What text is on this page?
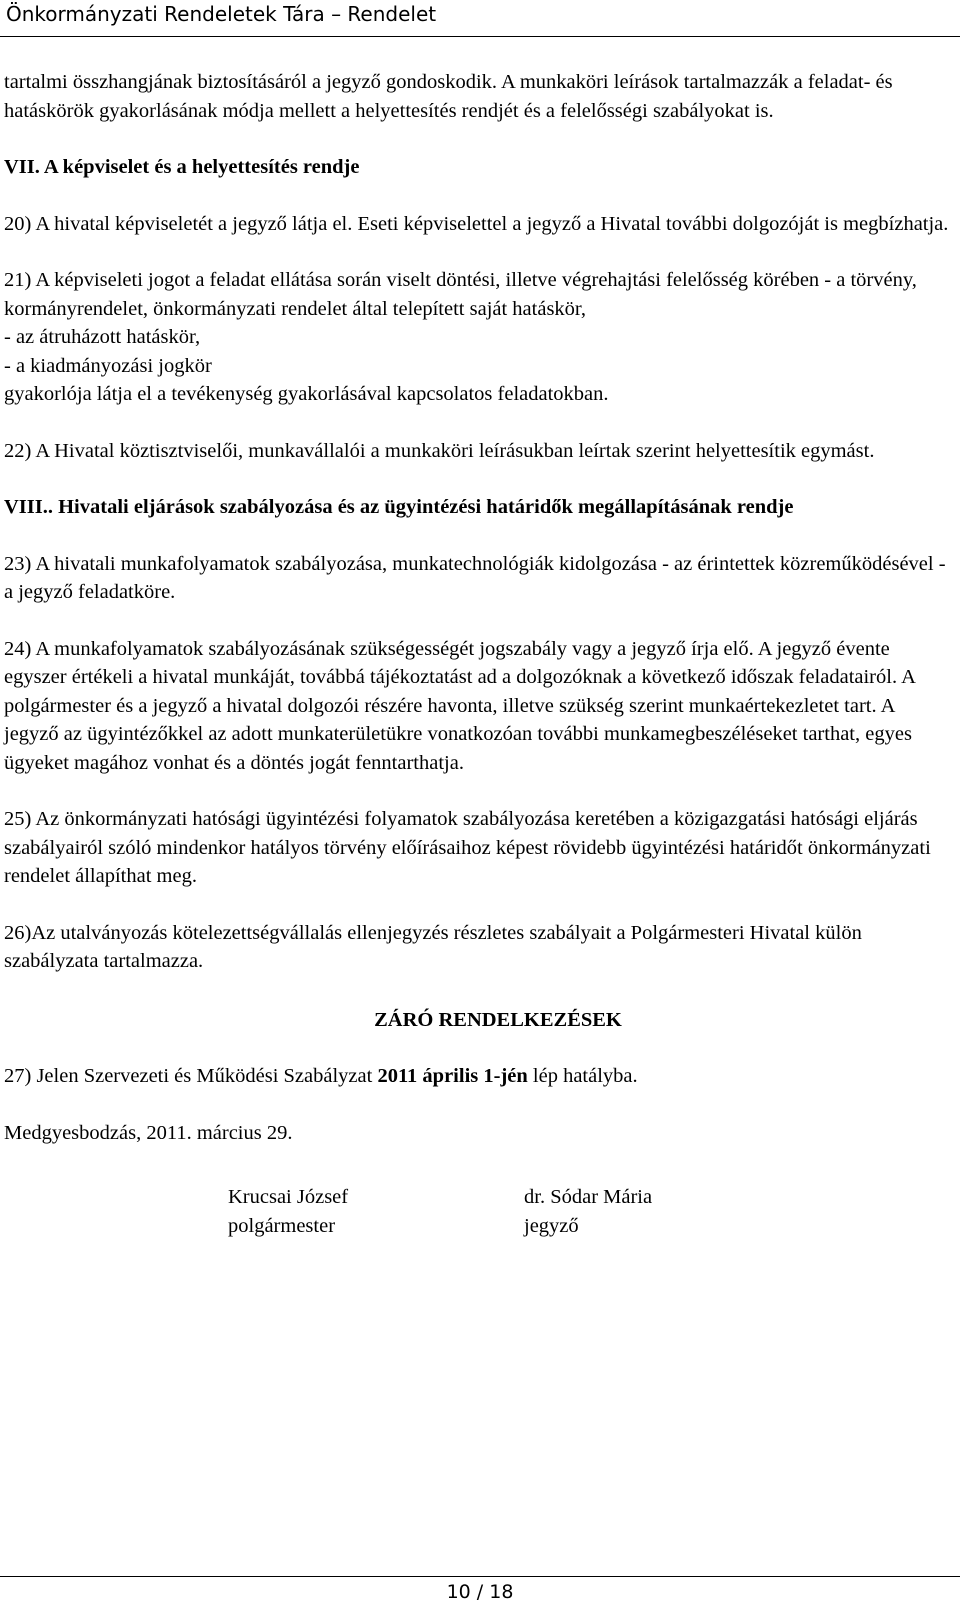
Önkormányzati Rendeletek Tára – Rendelet

tartalmi összhangjának biztosításáról a jegyző gondoskodik. A munkaköri leírások tartalmazzák a feladat- és hatáskörök gyakorlásának módja mellett a helyettesítés rendjét és a felelősségi szabályokat is.

VII. A képviselet és a helyettesítés rendje

20) A hivatal képviseletét a jegyző látja el. Eseti képviselettel a jegyző a Hivatal további dolgozóját is megbízhatja.

21) A képviseleti jogot a feladat ellátása során viselt döntési, illetve végrehajtási felelősség körében - a törvény, kormányrendelet, önkormányzati rendelet által telepített saját hatáskör,

- az átruházott hatáskör,

- a kiadmányozási jogkör

gyakorlója látja el a tevékenység gyakorlásával kapcsolatos feladatokban.

22) A Hivatal köztisztviselői, munkavállalói a munkaköri leírásukban leírtak szerint helyettesítik egymást.

VIII.. Hivatali eljárások szabályozása és az ügyintézési határidők megállapításának rendje

23) A hivatali munkafolyamatok szabályozása, munkatechnológiák kidolgozása - az érintettek közreműködésével - a jegyző feladatköre.

24) A munkafolyamatok szabályozásának szükségességét jogszabály vagy a jegyző írja elő. A jegyző évente egyszer értékeli a hivatal munkáját, továbbá tájékoztatást ad a dolgozóknak a következő időszak feladatairól. A polgármester és a jegyző a hivatal dolgozói részére havonta, illetve szükség szerint munkaértekezletet tart. A jegyző az ügyintézőkkel az adott munkaterületükre vonatkozóan további munkamegbeszéléseket tarthat, egyes ügyeket magához vonhat és a döntés jogát fenntarthatja.

25) Az önkormányzati hatósági ügyintézési folyamatok szabályozása keretében a közigazgatási hatósági eljárás szabályairól szóló mindenkor hatályos törvény előírásaihoz képest rövidebb ügyintézési határidőt önkormányzati rendelet állapíthat meg.

26)Az utalványozás kötelezettségvállalás ellenjegyzés részletes szabályait a Polgármesteri Hivatal külön szabályzata tartalmazza.

ZÁRÓ RENDELKEZÉSEK

27) Jelen Szervezeti és Működési Szabályzat 2011 április 1-jén lép hatályba.

Medgyesbodzás, 2011. március 29.

Krucsai József
polgármester
dr. Sódar Mária
jegyző
10 / 18
